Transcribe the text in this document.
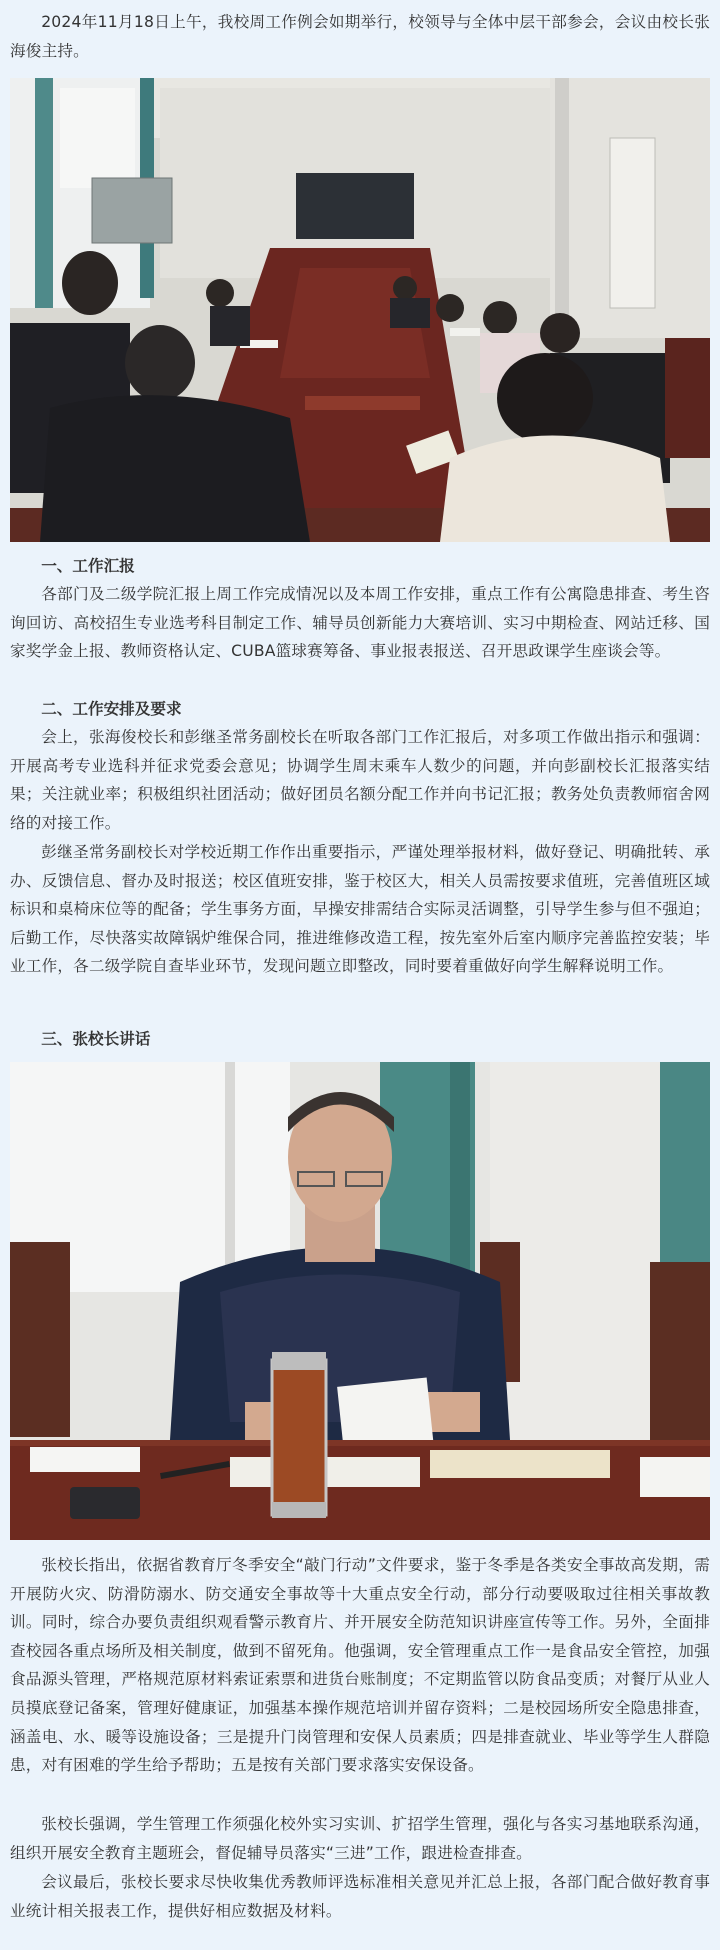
2024年11月18日上午，我校周工作例会如期举行，校领导与全体中层干部参会，会议由校长张海俊主持。

一、工作汇报

各部门及二级学院汇报上周工作完成情况以及本周工作安排，重点工作有公寓隐患排查、考生咨询回访、高校招生专业选考科目制定工作、辅导员创新能力大赛培训、实习中期检查、网站迁移、国家奖学金上报、教师资格认定、CUBA篮球赛筹备、事业报表报送、召开思政课学生座谈会等。

二、工作安排及要求

会上，张海俊校长和彭继圣常务副校长在听取各部门工作汇报后，对多项工作做出指示和强调：开展高考专业选科并征求党委会意见；协调学生周末乘车人数少的问题，并向彭副校长汇报落实结果；关注就业率；积极组织社团活动；做好团员名额分配工作并向书记汇报；教务处负责教师宿舍网络的对接工作。

彭继圣常务副校长对学校近期工作作出重要指示，严谨处理举报材料，做好登记、明确批转、承办、反馈信息、督办及时报送；校区值班安排，鉴于校区大，相关人员需按要求值班，完善值班区域标识和桌椅床位等的配备；学生事务方面，早操安排需结合实际灵活调整，引导学生参与但不强迫；后勤工作，尽快落实故障锅炉维保合同，推进维修改造工程，按先室外后室内顺序完善监控安装；毕业工作，各二级学院自查毕业环节，发现问题立即整改，同时要着重做好向学生解释说明工作。

三、张校长讲话

张校长指出，依据省教育厅冬季安全“敲门行动”文件要求，鉴于冬季是各类安全事故高发期，需开展防火灾、防滑防溺水、防交通安全事故等十大重点安全行动，部分行动要吸取过往相关事故教训。同时，综合办要负责组织观看警示教育片、并开展安全防范知识讲座宣传等工作。另外，全面排查校园各重点场所及相关制度，做到不留死角。他强调，安全管理重点工作一是食品安全管控，加强食品源头管理，严格规范原材料索证索票和进货台账制度；不定期监管以防食品变质；对餐厅从业人员摸底登记备案，管理好健康证，加强基本操作规范培训并留存资料；二是校园场所安全隐患排查，涵盖电、水、暖等设施设备；三是提升门岗管理和安保人员素质；四是排查就业、毕业等学生人群隐患，对有困难的学生给予帮助；五是按有关部门要求落实安保设备。

张校长强调，学生管理工作须强化校外实习实训、扩招学生管理，强化与各实习基地联系沟通，组织开展安全教育主题班会，督促辅导员落实“三进”工作，跟进检查排查。

会议最后，张校长要求尽快收集优秀教师评选标准相关意见并汇总上报，各部门配合做好教育事业统计相关报表工作，提供好相应数据及材料。
